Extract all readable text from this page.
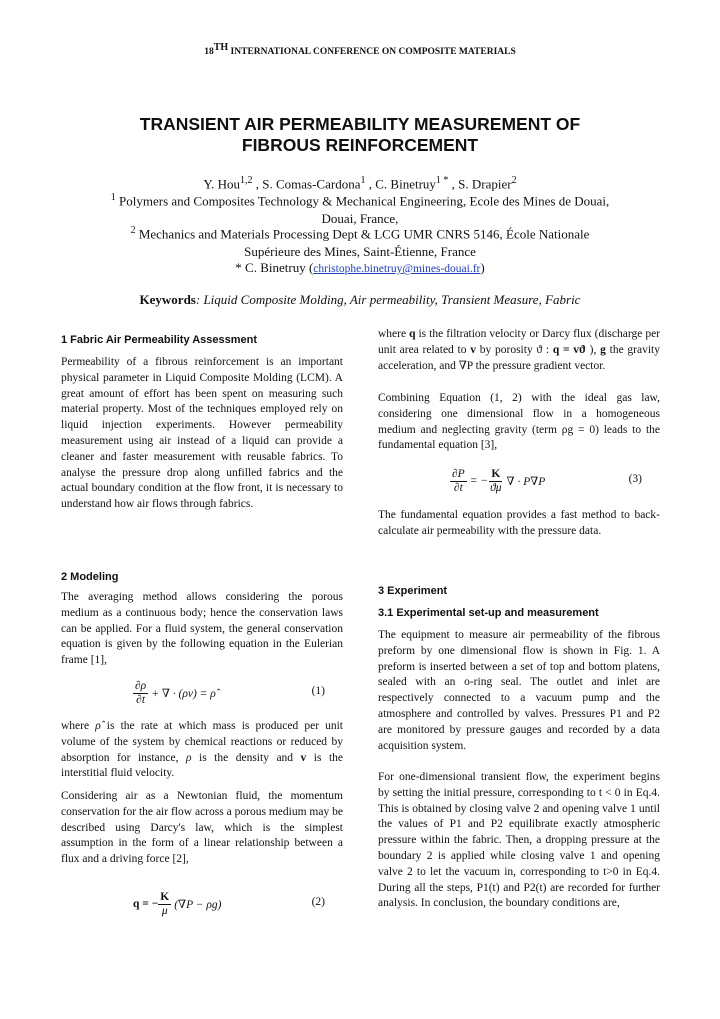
18TH INTERNATIONAL CONFERENCE ON COMPOSITE MATERIALS
TRANSIENT AIR PERMEABILITY MEASUREMENT OF
FIBROUS REINFORCEMENT
Y. Hou$^{1,2}$ , S. Comas-Cardona$^1$ , C. Binetruy$^{1 *}$ , S. Drapier$^2$
$^1$ Polymers and Composites Technology & Mechanical Engineering, Ecole des Mines de Douai,
Douai, France,
$^2$ Mechanics and Materials Processing Dept & LCG UMR CNRS 5146, École Nationale
Supérieure des Mines, Saint-Étienne, France
* C. Binetruy (christophe.binetruy@mines-douai.fr)
Keywords: Liquid Composite Molding, Air permeability, Transient Measure, Fabric
1 Fabric Air Permeability Assessment
Permeability of a fibrous reinforcement is an important physical parameter in Liquid Composite Molding (LCM). A great amount of effort has been spent on measuring such material property. Most of the techniques employed rely on liquid injection experiments. However permeability measurement using air instead of a liquid can provide a cleaner and faster measurement with reusable fabrics. To analyse the pressure drop along unfilled fabrics and the actual boundary condition at the flow front, it is necessary to understand how air flows through fabrics.
2 Modeling
The averaging method allows considering the porous medium as a continuous body; hence the conservation laws can be applied. For a fluid system, the general conservation equation is given by the following equation in the Eulerian frame [1],
$\frac{\partial\rho}{\partial t}$ + ∇ · (ρv) = ρ̂	(1)
where ρ̂ is the rate at which mass is produced per unit volume of the system by chemical reactions or reduced by absorption for instance, ρ is the density and v is the interstitial fluid velocity.
Considering air as a Newtonian fluid, the momentum conservation for the air flow across a porous medium may be described using Darcy's law, which is the simplest assumption in the form of a linear relationship between a flux and a driving force [2],
q = − $\frac{K}{\mu} (\nabla P - \rho g)$	(2)
where q is the filtration velocity or Darcy flux (discharge per unit area related to v by porosity ϑ : q = vϑ ), g the gravity acceleration, and ∇P the pressure gradient vector.
Combining Equation (1, 2) with the ideal gas law, considering one dimensional flow in a homogeneous medium and neglecting gravity (term ρg = 0) leads to the fundamental equation [3],
$\frac{\partial P}{\partial t}$ = − $\frac{K}{ϑ\mu}$ ∇ · P∇P	(3)
The fundamental equation provides a fast method to back-calculate air permeability with the pressure data.
3 Experiment
3.1 Experimental set-up and measurement
The equipment to measure air permeability of the fibrous preform by one dimensional flow is shown in Fig. 1. A preform is inserted between a set of top and bottom platens, sealed with an o-ring seal. The outlet and inlet are respectively connected to a vacuum pump and the atmosphere and controlled by valves. Pressures P1 and P2 are monitored by pressure gauges and recorded by a data acquisition system.
For one-dimensional transient flow, the experiment begins by setting the initial pressure, corresponding to t < 0 in Eq.4. This is obtained by closing valve 2 and opening valve 1 until the values of P1 and P2 equilibrate exactly atmospheric pressure within the fabric. Then, a dropping pressure at the boundary 2 is applied while closing valve 1 and opening valve 2 to let the vacuum in, corresponding to t>0 in Eq.4. During all the steps, P1(t) and P2(t) are recorded for further analysis. In conclusion, the boundary conditions are,
